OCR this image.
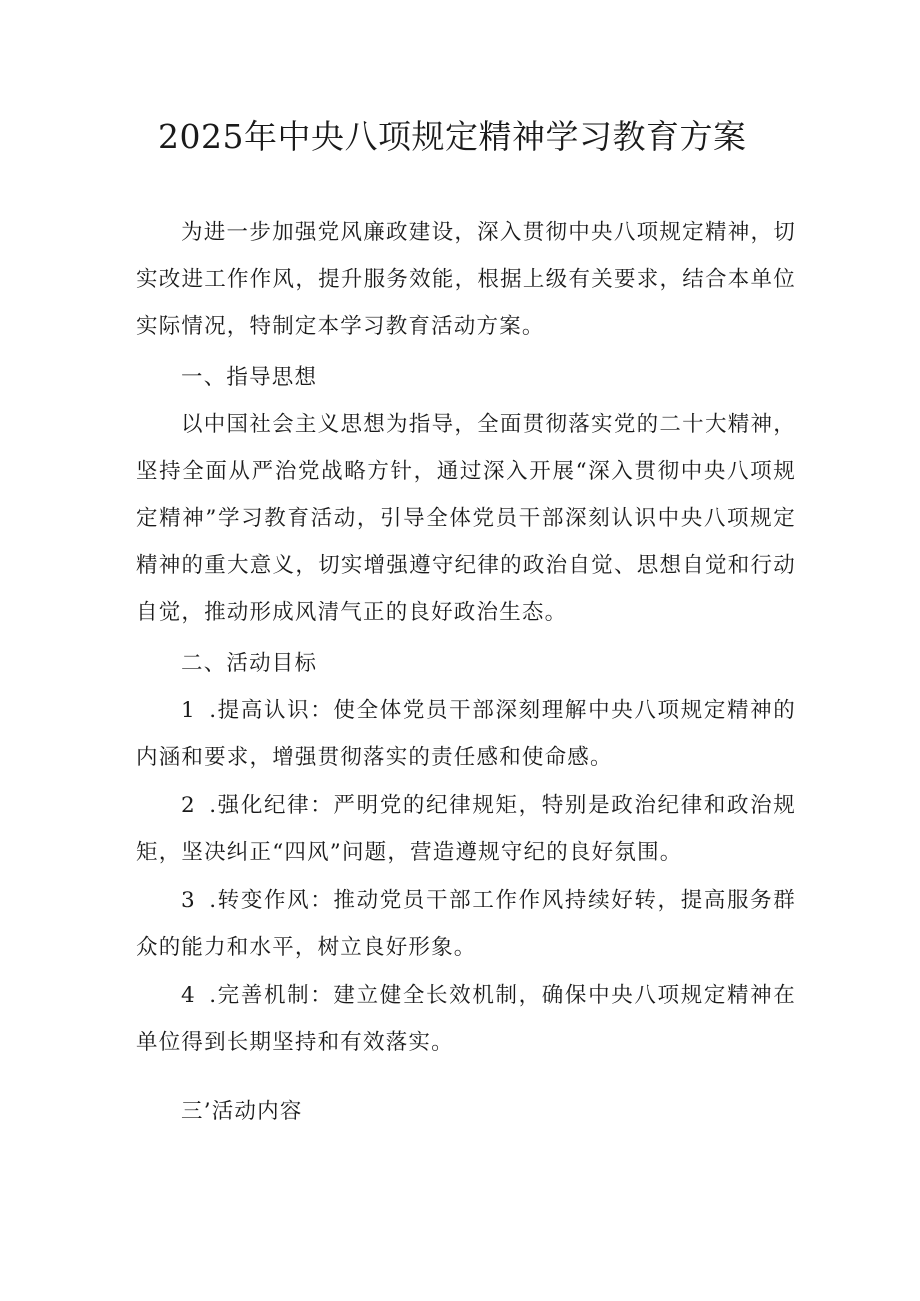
2025年中央八项规定精神学习教育方案

为进一步加强党风廉政建设，深入贯彻中央八项规定精神，切实改进工作作风，提升服务效能，根据上级有关要求，结合本单位实际情况，特制定本学习教育活动方案。

一、指导思想

以中国社会主义思想为指导，全面贯彻落实党的二十大精神，坚持全面从严治党战略方针，通过深入开展“深入贯彻中央八项规定精神”学习教育活动，引导全体党员干部深刻认识中央八项规定精神的重大意义，切实增强遵守纪律的政治自觉、思想自觉和行动自觉，推动形成风清气正的良好政治生态。

二、活动目标

1 .提高认识：使全体党员干部深刻理解中央八项规定精神的内涵和要求，增强贯彻落实的责任感和使命感。

2 .强化纪律：严明党的纪律规矩，特别是政治纪律和政治规矩，坚决纠正“四风”问题，营造遵规守纪的良好氛围。

3 .转变作风：推动党员干部工作作风持续好转，提高服务群众的能力和水平，树立良好形象。

4 .完善机制：建立健全长效机制，确保中央八项规定精神在单位得到长期坚持和有效落实。

三’活动内容
